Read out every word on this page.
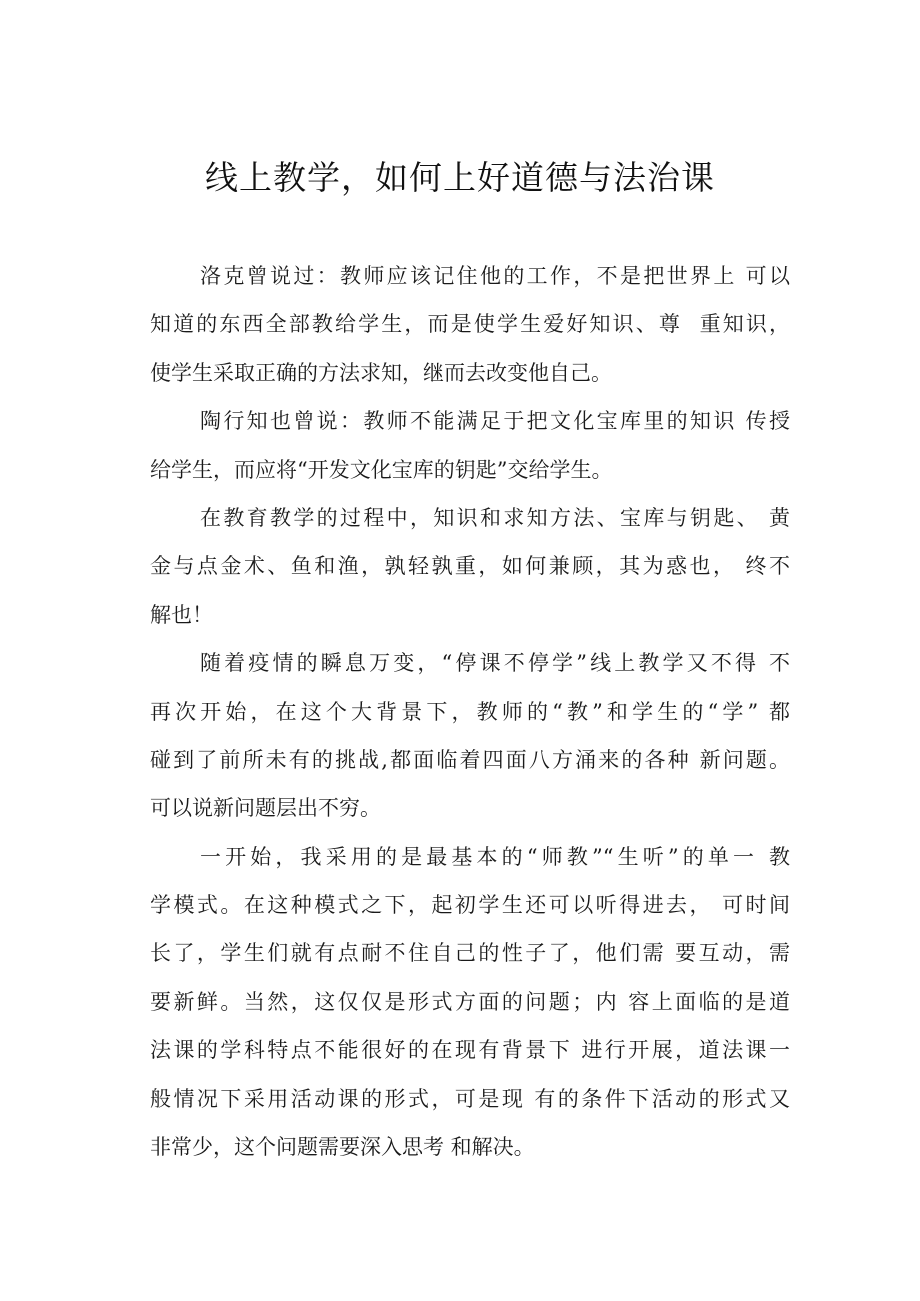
线上教学，如何上好道德与法治课
洛克曾说过：教师应该记住他的工作，不是把世界上 可以
知道的东西全部教给学生，而是使学生爱好知识、尊  重知识，
使学生采取正确的方法求知，继而去改变他自己。
陶行知也曾说：教师不能满足于把文化宝库里的知识 传授
给学生，而应将“开发文化宝库的钥匙”交给学生。
在教育教学的过程中，知识和求知方法、宝库与钥匙、 黄
金与点金术、鱼和渔，孰轻孰重，如何兼顾，其为惑也， 终不
解也！
随着疫情的瞬息万变，“停课不停学”线上教学又不得 不
再次开始，在这个大背景下，教师的“教”和学生的“学” 都
碰到了前所未有的挑战,都面临着四面八方涌来的各种 新问题。
可以说新问题层出不穷。
一开始，我采用的是最基本的“师教”“生听”的单一 教
学模式。在这种模式之下，起初学生还可以听得进去， 可时间
长了，学生们就有点耐不住自己的性子了，他们需 要互动，需
要新鲜。当然，这仅仅是形式方面的问题；内 容上面临的是道
法课的学科特点不能很好的在现有背景下 进行开展，道法课一
般情况下采用活动课的形式，可是现 有的条件下活动的形式又
非常少，这个问题需要深入思考 和解决。
